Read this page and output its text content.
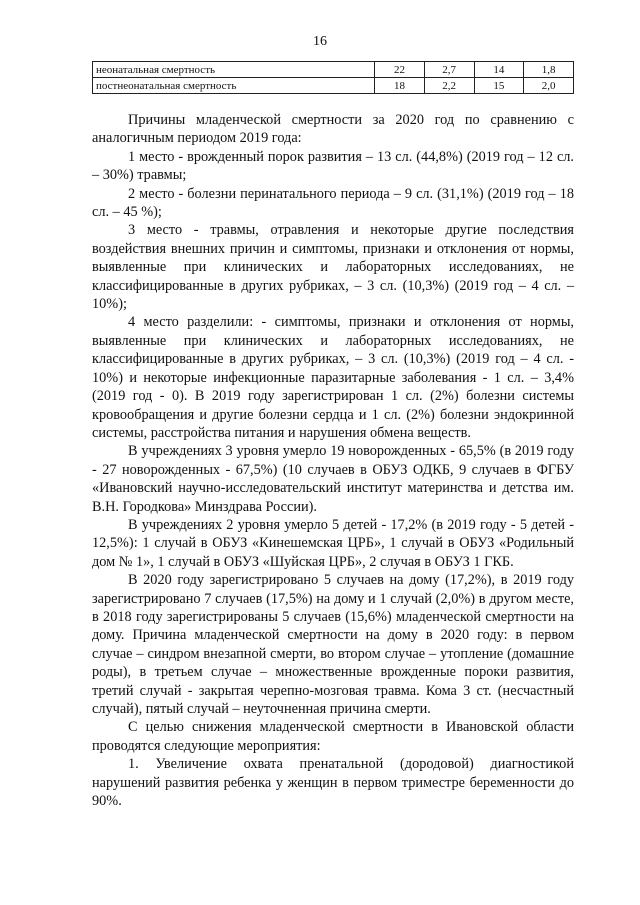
16
неонатальная смертность	22	2,7	14	1,8
постнеонатальная смертность	18	2,2	15	2,0

Причины младенческой смертности за 2020 год по сравнению с аналогичным периодом 2019 года:

1 место - врожденный порок развития – 13 сл. (44,8%) (2019 год – 12 сл. – 30%) травмы;

2 место - болезни перинатального периода – 9 сл. (31,1%) (2019 год – 18 сл. – 45 %);

3 место - травмы, отравления и некоторые другие последствия воздействия внешних причин и симптомы, признаки и отклонения от нормы, выявленные при клинических и лабораторных исследованиях, не классифицированные в других рубриках, – 3 сл. (10,3%) (2019 год – 4 сл. – 10%);

4 место разделили: - симптомы, признаки и отклонения от нормы, выявленные при клинических и лабораторных исследованиях, не классифицированные в других рубриках, – 3 сл. (10,3%) (2019 год – 4 сл. - 10%) и некоторые инфекционные паразитарные заболевания - 1 сл. – 3,4% (2019 год - 0). В 2019 году зарегистрирован 1 сл. (2%) болезни системы кровообращения и другие болезни сердца и 1 сл. (2%) болезни эндокринной системы, расстройства питания и нарушения обмена веществ.

В учреждениях 3 уровня умерло 19 новорожденных - 65,5% (в 2019 году - 27 новорожденных - 67,5%) (10 случаев в ОБУЗ ОДКБ, 9 случаев в ФГБУ «Ивановский научно-исследовательский институт материнства и детства им. В.Н. Городкова» Минздрава России).

В учреждениях 2 уровня умерло 5 детей - 17,2% (в 2019 году - 5 детей - 12,5%): 1 случай в ОБУЗ «Кинешемская ЦРБ», 1 случай в ОБУЗ «Родильный дом № 1», 1 случай в ОБУЗ «Шуйская ЦРБ», 2 случая в ОБУЗ 1 ГКБ.

В 2020 году зарегистрировано 5 случаев на дому (17,2%), в 2019 году зарегистрировано 7 случаев (17,5%) на дому и 1 случай (2,0%) в другом месте, в 2018 году зарегистрированы 5 случаев (15,6%) младенческой смертности на дому. Причина младенческой смертности на дому в 2020 году: в первом случае – синдром внезапной смерти, во втором случае – утопление (домашние роды), в третьем случае – множественные врожденные пороки развития, третий случай - закрытая черепно-мозговая травма. Кома 3 ст. (несчастный случай), пятый случай – неуточненная причина смерти.

С целью снижения младенческой смертности в Ивановской области проводятся следующие мероприятия:

1. Увеличение охвата пренатальной (дородовой) диагностикой нарушений развития ребенка у женщин в первом триместре беременности до 90%.
